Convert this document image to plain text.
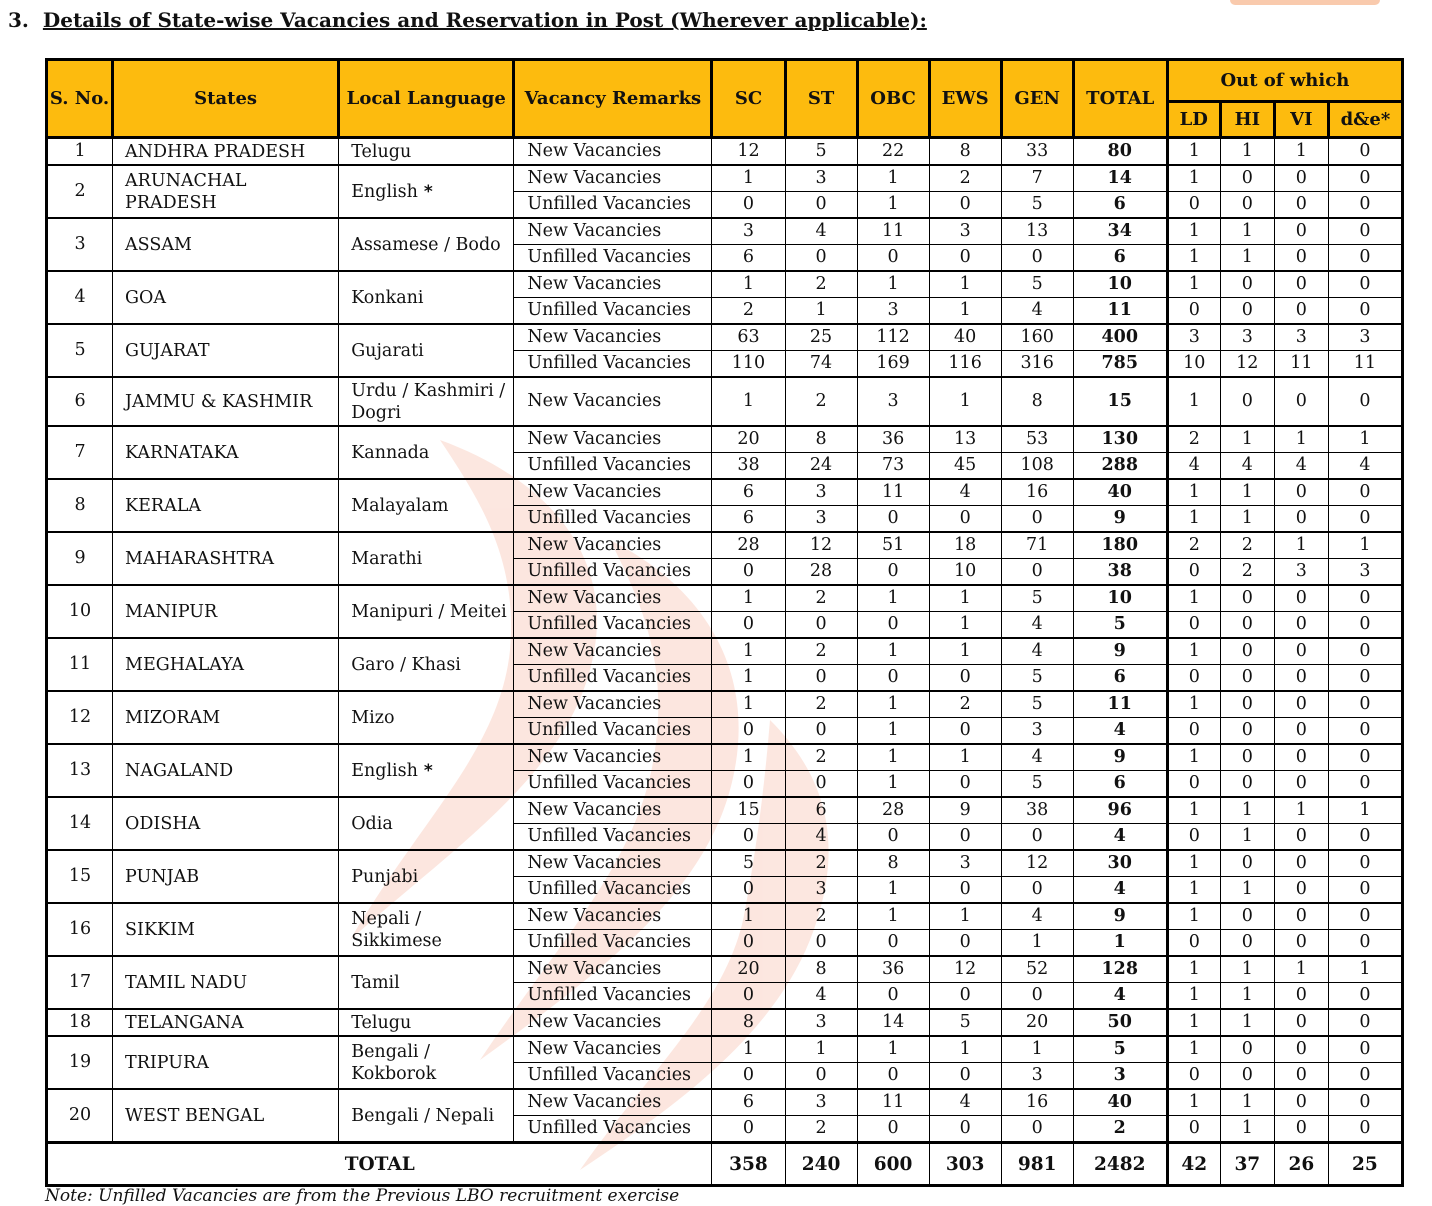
3. Details of State-wise Vacancies and Reservation in Post (Wherever applicable):
S. No.	States	Local Language	Vacancy Remarks	SC	ST	OBC	EWS	GEN	TOTAL	Out of which			
										LD	HI	VI	d&e*
1	ANDHRA PRADESH	Telugu	New Vacancies	12	5	22	8	33	80	1	1	1	0
2	ARUNACHAL PRADESH	English *	New Vacancies	1	3	1	2	7	14	1	0	0	0
			Unfilled Vacancies	0	0	1	0	5	6	0	0	0	0
3	ASSAM	Assamese / Bodo	New Vacancies	3	4	11	3	13	34	1	1	0	0
			Unfilled Vacancies	6	0	0	0	0	6	1	1	0	0
4	GOA	Konkani	New Vacancies	1	2	1	1	5	10	1	0	0	0
			Unfilled Vacancies	2	1	3	1	4	11	0	0	0	0
5	GUJARAT	Gujarati	New Vacancies	63	25	112	40	160	400	3	3	3	3
			Unfilled Vacancies	110	74	169	116	316	785	10	12	11	11
6	JAMMU & KASHMIR	Urdu / Kashmiri / Dogri	New Vacancies	1	2	3	1	8	15	1	0	0	0
7	KARNATAKA	Kannada	New Vacancies	20	8	36	13	53	130	2	1	1	1
			Unfilled Vacancies	38	24	73	45	108	288	4	4	4	4
8	KERALA	Malayalam	New Vacancies	6	3	11	4	16	40	1	1	0	0
			Unfilled Vacancies	6	3	0	0	0	9	1	1	0	0
9	MAHARASHTRA	Marathi	New Vacancies	28	12	51	18	71	180	2	2	1	1
			Unfilled Vacancies	0	28	0	10	0	38	0	2	3	3
10	MANIPUR	Manipuri / Meitei	New Vacancies	1	2	1	1	5	10	1	0	0	0
			Unfilled Vacancies	0	0	0	1	4	5	0	0	0	0
11	MEGHALAYA	Garo / Khasi	New Vacancies	1	2	1	1	4	9	1	0	0	0
			Unfilled Vacancies	1	0	0	0	5	6	0	0	0	0
12	MIZORAM	Mizo	New Vacancies	1	2	1	2	5	11	1	0	0	0
			Unfilled Vacancies	0	0	1	0	3	4	0	0	0	0
13	NAGALAND	English *	New Vacancies	1	2	1	1	4	9	1	0	0	0
			Unfilled Vacancies	0	0	1	0	5	6	0	0	0	0
14	ODISHA	Odia	New Vacancies	15	6	28	9	38	96	1	1	1	1
			Unfilled Vacancies	0	4	0	0	0	4	0	1	0	0
15	PUNJAB	Punjabi	New Vacancies	5	2	8	3	12	30	1	0	0	0
			Unfilled Vacancies	0	3	1	0	0	4	1	1	0	0
16	SIKKIM	Nepali / Sikkimese	New Vacancies	1	2	1	1	4	9	1	0	0	0
			Unfilled Vacancies	0	0	0	0	1	1	0	0	0	0
17	TAMIL NADU	Tamil	New Vacancies	20	8	36	12	52	128	1	1	1	1
			Unfilled Vacancies	0	4	0	0	0	4	1	1	0	0
18	TELANGANA	Telugu	New Vacancies	8	3	14	5	20	50	1	1	0	0
19	TRIPURA	Bengali / Kokborok	New Vacancies	1	1	1	1	1	5	1	0	0	0
			Unfilled Vacancies	0	0	0	0	3	3	0	0	0	0
20	WEST BENGAL	Bengali / Nepali	New Vacancies	6	3	11	4	16	40	1	1	0	0
			Unfilled Vacancies	0	2	0	0	0	2	0	1	0	0
TOTAL				358	240	600	303	981	2482	42	37	26	25
Note: Unfilled Vacancies are from the Previous LBO recruitment exercise
